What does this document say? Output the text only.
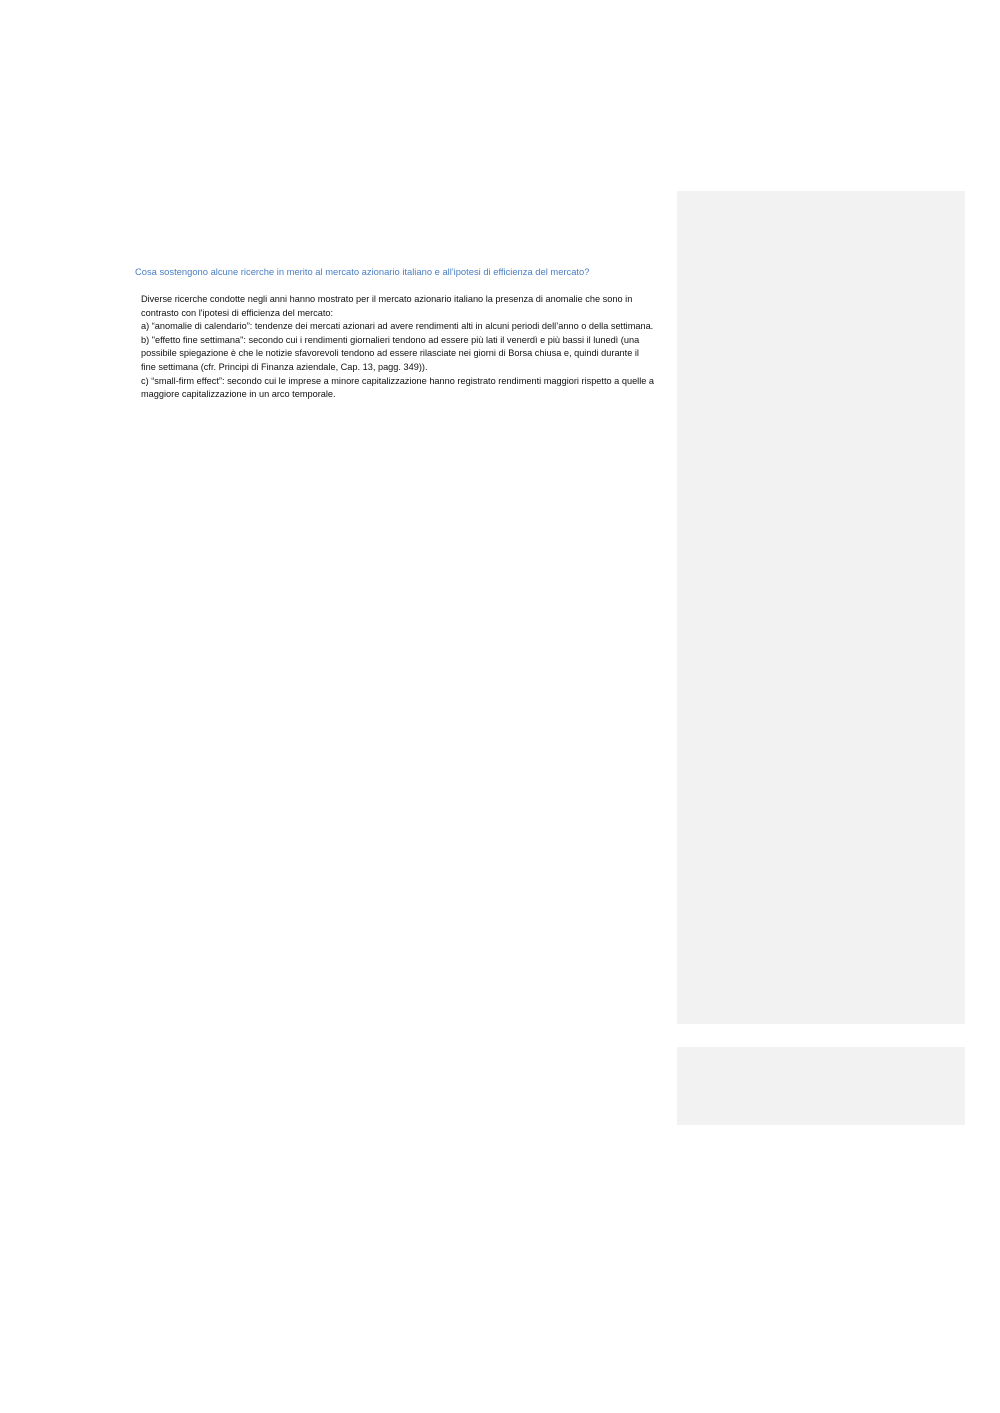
Cosa sostengono alcune ricerche in merito al mercato azionario italiano e all'ipotesi di efficienza del mercato?

Diverse ricerche condotte negli anni hanno mostrato per il mercato azionario italiano la presenza di anomalie che sono in contrasto con l'ipotesi di efficienza del mercato:

a) “anomalie di calendario”: tendenze dei mercati azionari ad avere rendimenti alti in alcuni periodi dell’anno o della settimana.

b) "effetto fine settimana": secondo cui i rendimenti giornalieri tendono ad essere più lati il venerdì e più bassi il lunedì (una possibile spiegazione è che le notizie sfavorevoli tendono ad essere rilasciate nei giorni di Borsa chiusa e, quindi durante il fine settimana (cfr. Principi di Finanza aziendale, Cap. 13, pagg. 349)).

c) “small-firm effect”: secondo cui le imprese a minore capitalizzazione hanno registrato rendimenti maggiori rispetto a quelle a maggiore capitalizzazione in un arco temporale.
